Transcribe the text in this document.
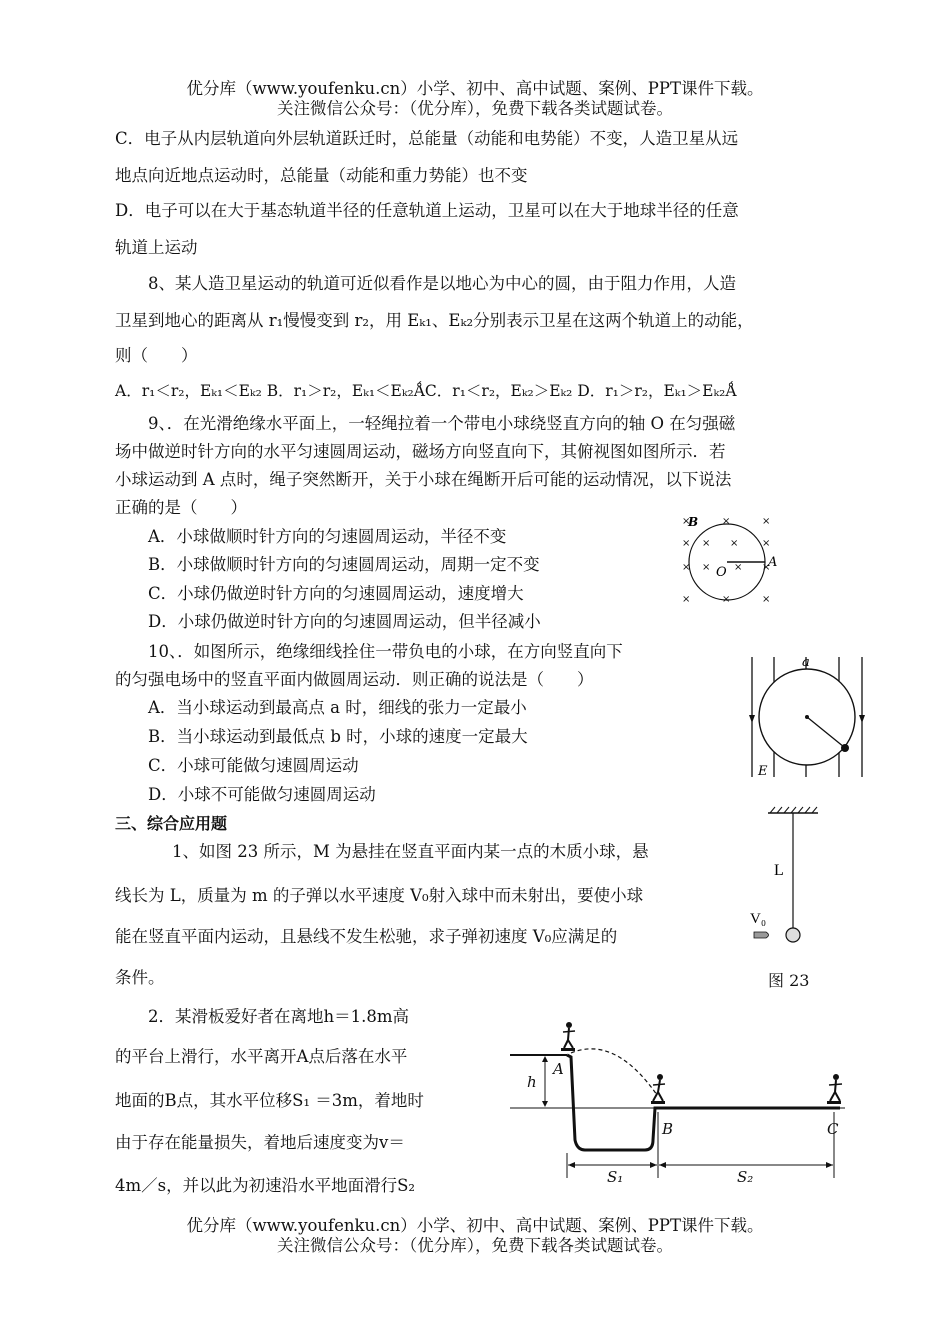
优分库（www.youfenku.cn）小学、初中、高中试题、案例、PPT课件下载。
关注微信公众号：（优分库），免费下载各类试题试卷。
C．电子从内层轨道向外层轨道跃迁时，总能量（动能和电势能）不变，人造卫星从远
地点向近地点运动时，总能量（动能和重力势能）也不变
D．电子可以在大于基态轨道半径的任意轨道上运动，卫星可以在大于地球半径的任意
轨道上运动
8、某人造卫星运动的轨道可近似看作是以地心为中心的圆，由于阻力作用，人造
卫星到地心的距离从 r₁慢慢变到 r₂，用 Eₖ₁、Eₖ₂分别表示卫星在这两个轨道上的动能，
则（　　）
A．r₁＜r₂，Eₖ₁＜Eₖ₂ B．r₁＞r₂，Eₖ₁＜Eₖ₂ǺC．r₁＜r₂，Eₖ₂＞Eₖ₂ D．r₁＞r₂，Eₖ₁＞Eₖ₂Ǻ
9、．在光滑绝缘水平面上，一轻绳拉着一个带电小球绕竖直方向的轴 O 在匀强磁
场中做逆时针方向的水平匀速圆周运动，磁场方向竖直向下，其俯视图如图所示．若
小球运动到 A 点时，绳子突然断开，关于小球在绳断开后可能的运动情况，以下说法
正确的是（　　）
A．小球做顺时针方向的匀速圆周运动，半径不变
B．小球做顺时针方向的匀速圆周运动，周期一定不变
C．小球仍做逆时针方向的匀速圆周运动，速度增大
D．小球仍做逆时针方向的匀速圆周运动，但半径减小
×	×	×
× × × ×
× × × ×
×	×	×
B
O
A
10、．如图所示，绝缘细线拴住一带负电的小球，在方向竖直向下
的匀强电场中的竖直平面内做圆周运动．则正确的说法是（　　）
A．当小球运动到最高点 a 时，细线的张力一定最小
B．当小球运动到最低点 b 时，小球的速度一定最大
C．小球可能做匀速圆周运动
D．小球不可能做匀速圆周运动
a
E
三、综合应用题
1、如图 23 所示，M 为悬挂在竖直平面内某一点的木质小球，悬
线长为 L，质量为 m 的子弹以水平速度 V₀射入球中而未射出，要使小球
能在竖直平面内运动，且悬线不发生松驰，求子弹初速度 V₀应满足的
条件。
L
V₀
图 23
2．某滑板爱好者在离地h＝1.8m高
的平台上滑行，水平离开A点后落在水平
地面的B点，其水平位移S₁ ＝3m，着地时
由于存在能量损失，着地后速度变为v＝
4m／s，并以此为初速沿水平地面滑行S₂
h
A
B	C
S₁	S₂
优分库（www.youfenku.cn）小学、初中、高中试题、案例、PPT课件下载。
关注微信公众号：（优分库），免费下载各类试题试卷。
